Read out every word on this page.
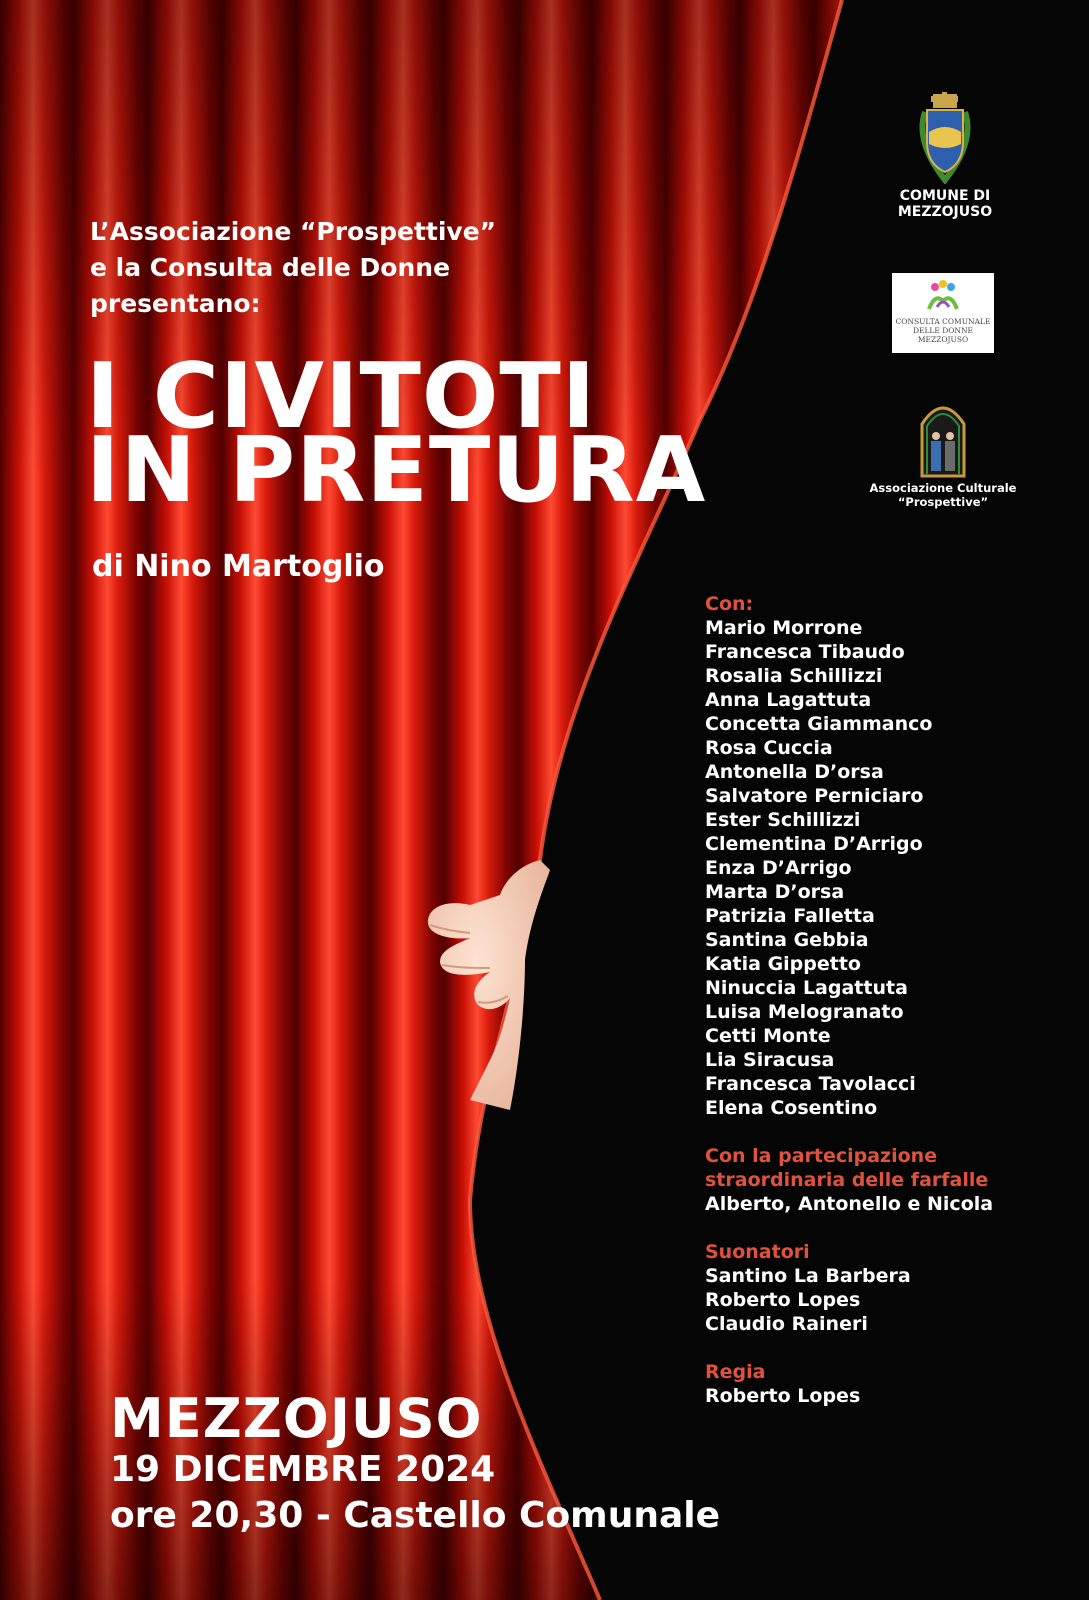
L’Associazione “Prospettive”
e la Consulta delle Donne
presentano:
I CIVITOTI
IN PRETURA
di Nino Martoglio
MEZZOJUSO
19 DICEMBRE 2024
ore 20,30 - Castello Comunale
COMUNE DI
MEZZOJUSO
CONSULTA COMUNALE
DELLE DONNE
MEZZOJUSO
Associazione Culturale
“Prospettive”
Con:
Mario Morrone
Francesca Tibaudo
Rosalia Schillizzi
Anna Lagattuta
Concetta Giammanco
Rosa Cuccia
Antonella D’orsa
Salvatore Perniciaro
Ester Schillizzi
Clementina D’Arrigo
Enza D’Arrigo
Marta D’orsa
Patrizia Falletta
Santina Gebbia
Katia Gippetto
Ninuccia Lagattuta
Luisa Melogranato
Cetti Monte
Lia Siracusa
Francesca Tavolacci
Elena Cosentino
Con la partecipazione
straordinaria delle farfalle
Alberto, Antonello e Nicola
Suonatori
Santino La Barbera
Roberto Lopes
Claudio Raineri
Regia
Roberto Lopes
